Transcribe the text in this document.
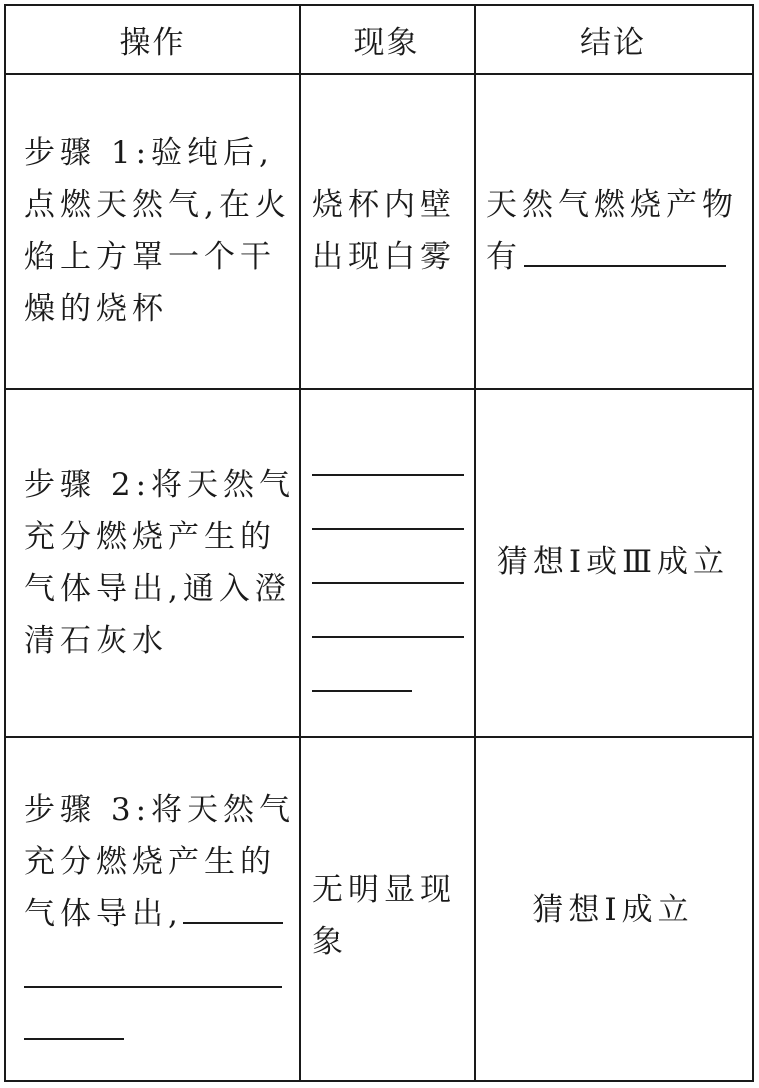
操作	现象	结论
步骤 1:验纯后,
点燃天然气,在火
焰上方罩一个干
燥的烧杯
烧杯内壁
出现白雾
天然气燃烧产物
有
步骤 2:将天然气
充分燃烧产生的
气体导出,通入澄
清石灰水
猜想Ⅰ或Ⅲ成立
步骤 3:将天然气
充分燃烧产生的
气体导出,
无明显现
象
猜想Ⅰ成立
